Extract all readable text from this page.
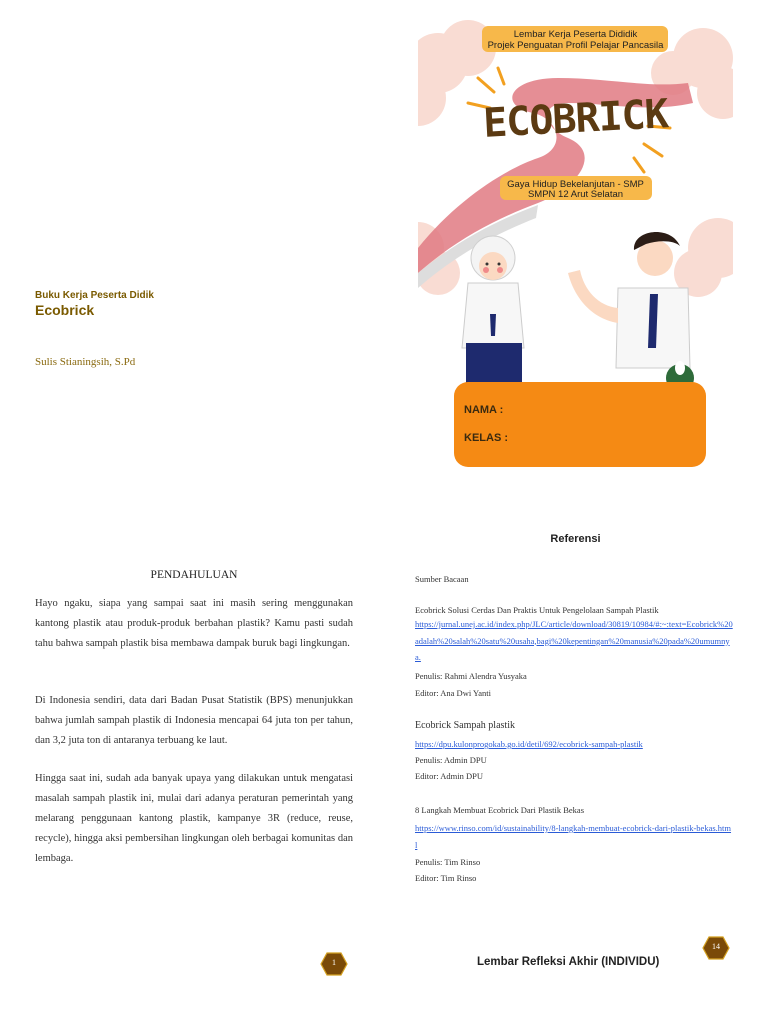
Buku Kerja Peserta Didik
Ecobrick
Sulis Stianingsih, S.Pd
Lembar Kerja Peserta Dididik
Projek Penguatan Profil Pelajar Pancasila
ECOBRICK
Gaya Hidup Bekelanjutan - SMP
SMPN 12 Arut Selatan
NAMA :
KELAS :
PENDAHULUAN
Hayo ngaku, siapa yang sampai saat ini masih sering menggunakan kantong plastik atau produk-produk berbahan plastik? Kamu pasti sudah tahu bahwa sampah plastik bisa membawa dampak buruk bagi lingkungan.
Di Indonesia sendiri, data dari Badan Pusat Statistik (BPS) menunjukkan bahwa jumlah sampah plastik di Indonesia mencapai 64 juta ton per tahun, dan 3,2 juta ton di antaranya terbuang ke laut.
Hingga saat ini, sudah ada banyak upaya yang dilakukan untuk mengatasi masalah sampah plastik ini, mulai dari adanya peraturan pemerintah yang melarang penggunaan kantong plastik, kampanye 3R (reduce, reuse, recycle), hingga aksi pembersihan lingkungan oleh berbagai komunitas dan lembaga.
1
Referensi
Sumber Bacaan
Ecobrick Solusi Cerdas Dan Praktis Untuk Pengelolaan Sampah Plastik
https://jurnal.unej.ac.id/index.php/JLC/article/download/30819/10984/#:~:text=Ecobrick%20adalah%20salah%20satu%20usaha,bagi%20kepentingan%20manusia%20pada%20umumnya.
Penulis: Rahmi Alendra Yusyaka
Editor: Ana Dwi Yanti
Ecobrick Sampah plastik
https://dpu.kulonprogokab.go.id/detil/692/ecobrick-sampah-plastik
Penulis: Admin DPU
Editor: Admin DPU
8 Langkah Membuat Ecobrick Dari Plastik Bekas
https://www.rinso.com/id/sustainability/8-langkah-membuat-ecobrick-dari-plastik-bekas.html
Penulis: Tim Rinso
Editor: Tim Rinso
14
Lembar Refleksi Akhir (INDIVIDU)
